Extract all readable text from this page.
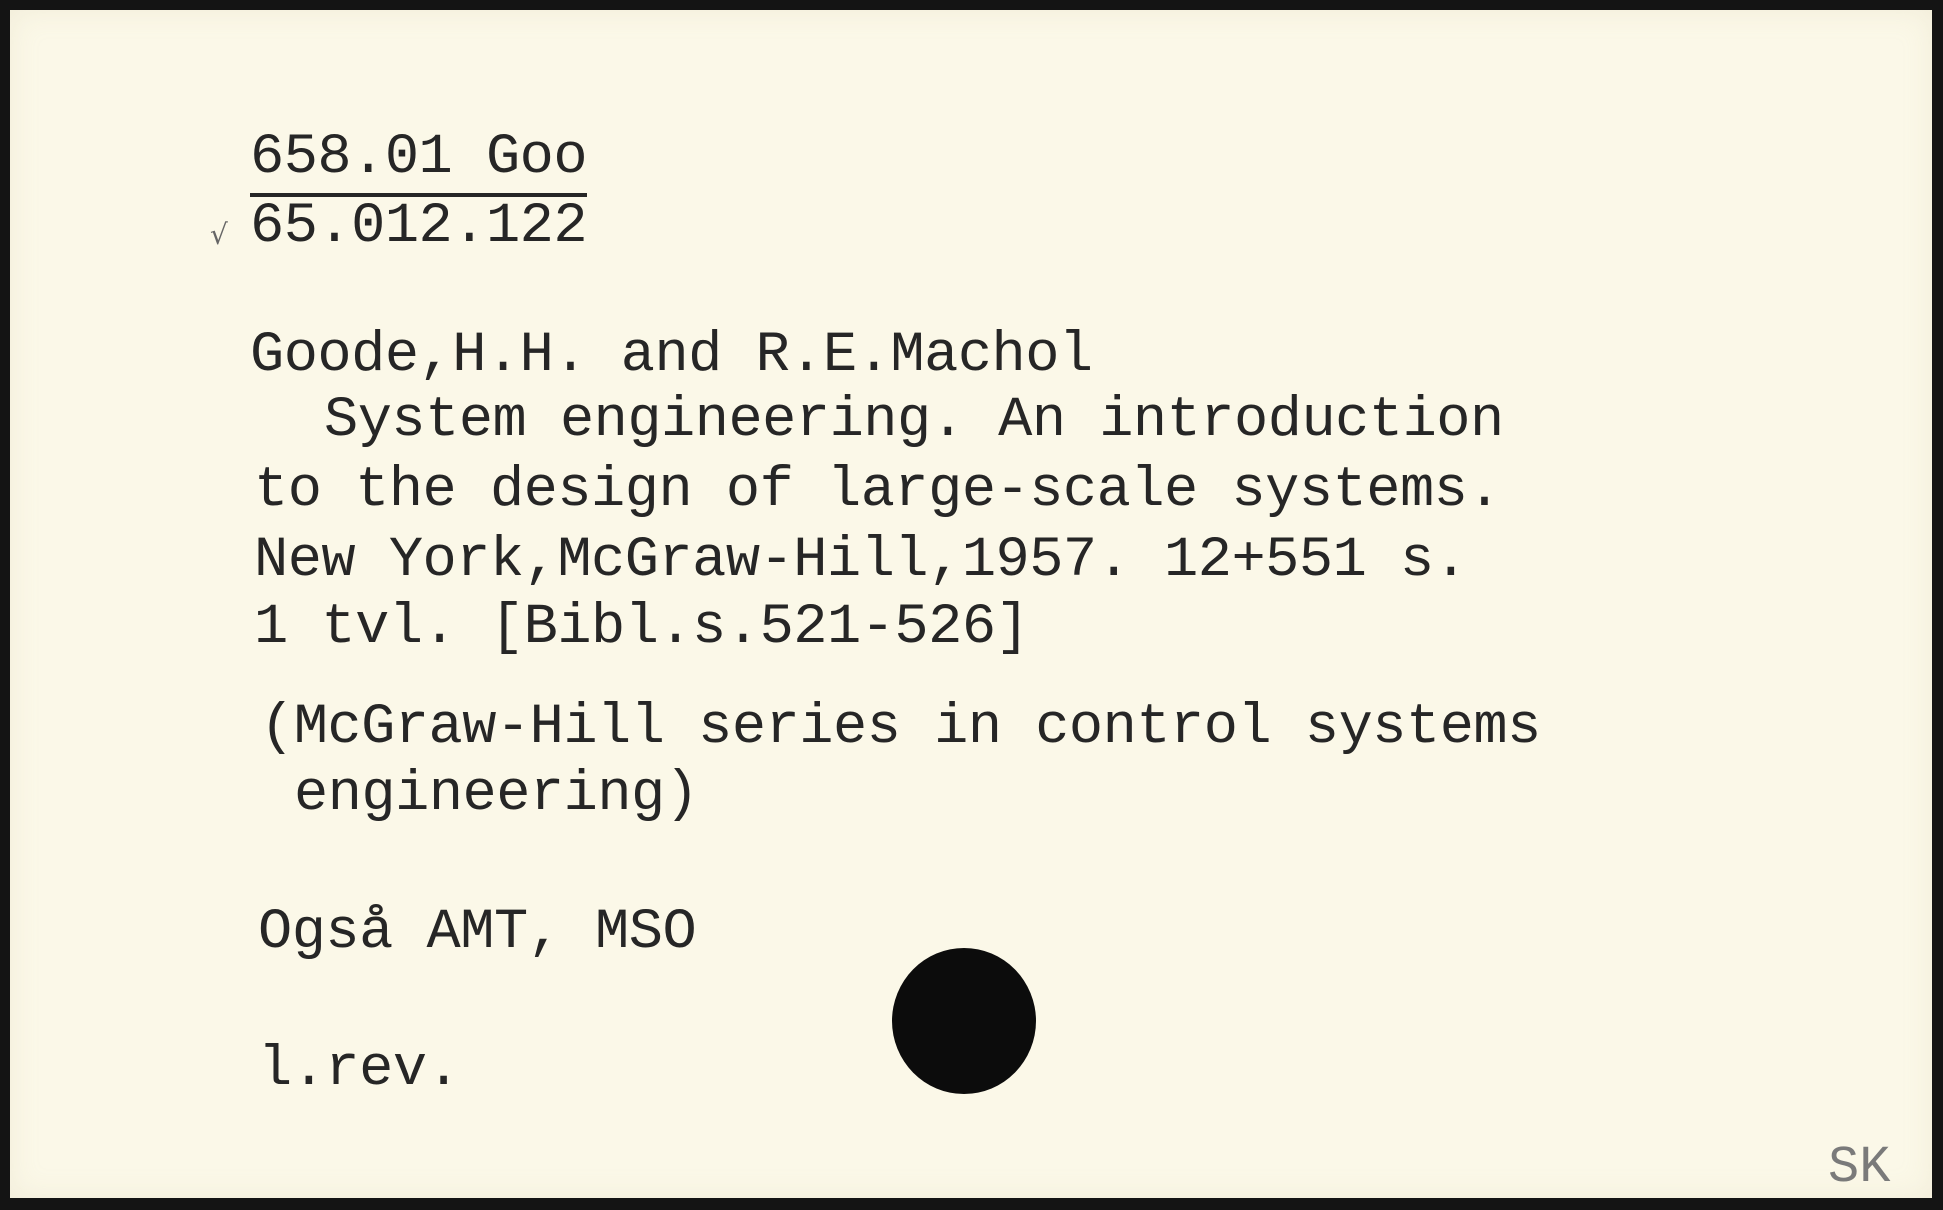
658.01 Goo
√ 65.012.122
Goode,H.H. and R.E.Machol
System engineering. An introduction
to the design of large-scale systems.
New York,McGraw-Hill,1957. 12+551 s.
1 tvl. [Bibl.s.521-526]
(McGraw-Hill series in control systems
engineering)
Også AMT, MSO
l.rev.
SK
